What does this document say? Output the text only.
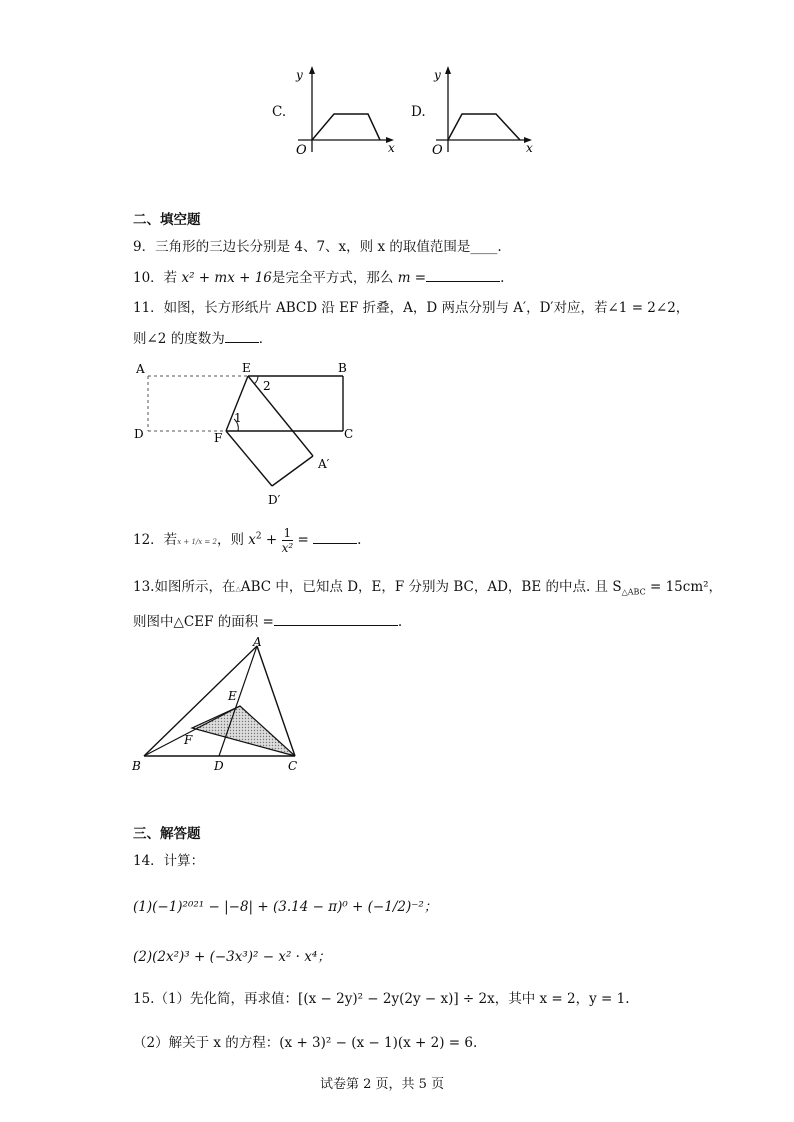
C.
y
O	x
D.
y
O	x
二、填空题
9．三角形的三边长分别是 4、7、x，则 x 的取值范围是____.
10．若 x² + mx + 16是完全平方式，那么 m =	.
11．如图，长方形纸片 ABCD 沿 EF 折叠，A，D 两点分别与 A′，D′对应，若∠1 = 2∠2，
则∠2 的度数为	．
A	E	B
D	F	C
A′
D′
1
2
12．若x + 1/x = 2，则 $x^2 + \frac{1}{\text{x²}}$ =	.
13.如图所示，在△ABC 中，已知点 D，E，F 分别为 BC，AD，BE 的中点. 且 $S_{\triangle ABC} = 15cm^2$，
则图中△CEF 的面积 =	.
A
B	C
D
E
F
三、解答题
14．计算：
(1)(−1)²⁰²¹ − |−8| + (3.14 − π)⁰ + (−1/2)⁻²；
(2)(2x²)³ + (−3x³)² − x² · x⁴；
15.（1）先化简，再求值：[(x − 2y)² − 2y(2y − x)] ÷ 2x，其中 x = 2，y = 1.
（2）解关于 x 的方程：(x + 3)² − (x − 1)(x + 2) = 6.
试卷第 2 页，共 5 页
